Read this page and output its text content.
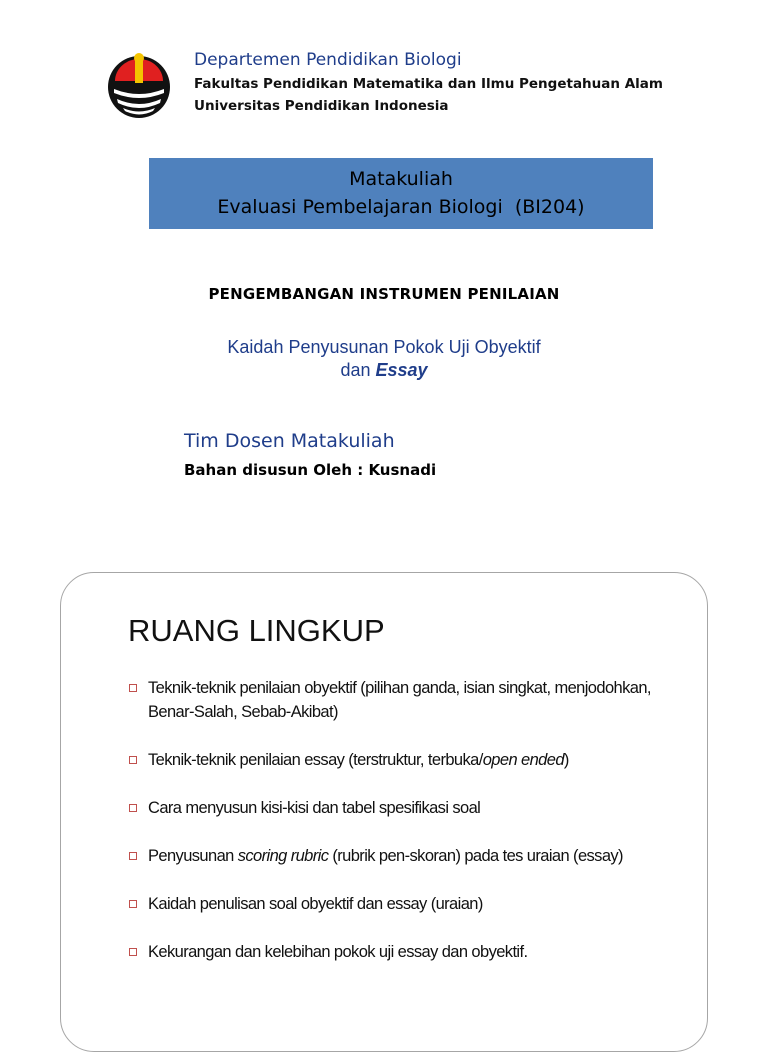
Departemen Pendidikan Biologi
Fakultas Pendidikan Matematika dan Ilmu Pengetahuan Alam
Universitas Pendidikan Indonesia
Matakuliah
Evaluasi Pembelajaran Biologi  (BI204)
PENGEMBANGAN INSTRUMEN PENILAIAN
Kaidah Penyusunan Pokok Uji Obyektif
dan Essay
Tim Dosen Matakuliah
Bahan disusun Oleh : Kusnadi
RUANG LINGKUP
Teknik-teknik penilaian obyektif (pilihan ganda, isian singkat, menjodohkan, Benar-Salah, Sebab-Akibat)
Teknik-teknik penilaian essay (terstruktur, terbuka/open ended)
Cara menyusun kisi-kisi dan tabel spesifikasi soal
Penyusunan scoring rubric (rubrik pen-skoran) pada tes uraian (essay)
Kaidah penulisan soal obyektif dan essay (uraian)
Kekurangan dan kelebihan pokok uji essay dan obyektif.
